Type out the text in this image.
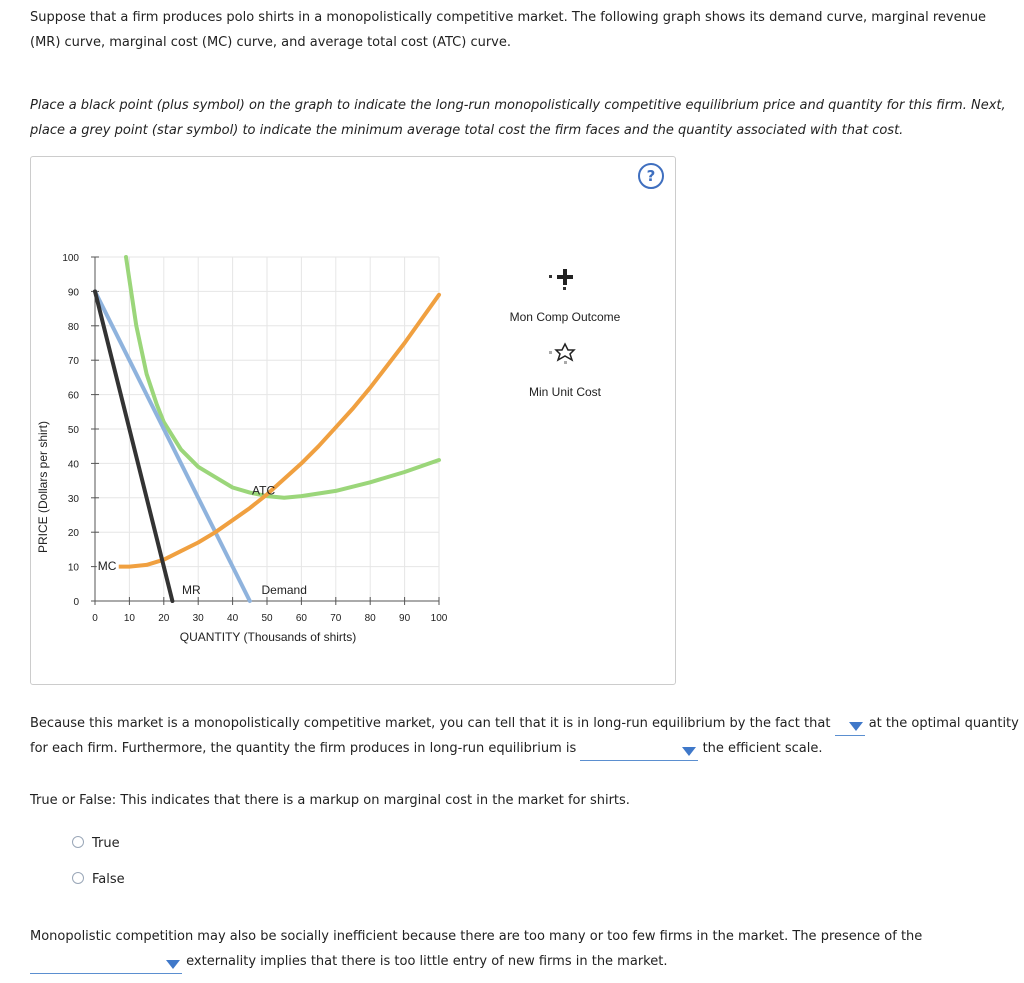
Suppose that a firm produces polo shirts in a monopolistically competitive market. The following graph shows its demand curve, marginal revenue (MR) curve, marginal cost (MC) curve, and average total cost (ATC) curve.

Place a black point (plus symbol) on the graph to indicate the long-run monopolistically competitive equilibrium price and quantity for this firm. Next, place a grey point (star symbol) to indicate the minimum average total cost the firm faces and the quantity associated with that cost.

?
0
10
20
30
40
50
60
70
80
90
100
0	10 20 30 40 50 60 70 80 90 100
MC
ATC
MR	Demand
Mon Comp Outcome
Min Unit Cost
PRICE (Dollars per shirt)
QUANTITY (Thousands of shirts)

Because this market is a monopolistically competitive market, you can tell that it is in long-run equilibrium by the fact that	at the optimal quantity
for each firm. Furthermore, the quantity the firm produces in long-run equilibrium is	the efficient scale.

True or False: This indicates that there is a markup on marginal cost in the market for shirts.

True
False

Monopolistic competition may also be socially inefficient because there are too many or too few firms in the market. The presence of the

externality implies that there is too little entry of new firms in the market.
